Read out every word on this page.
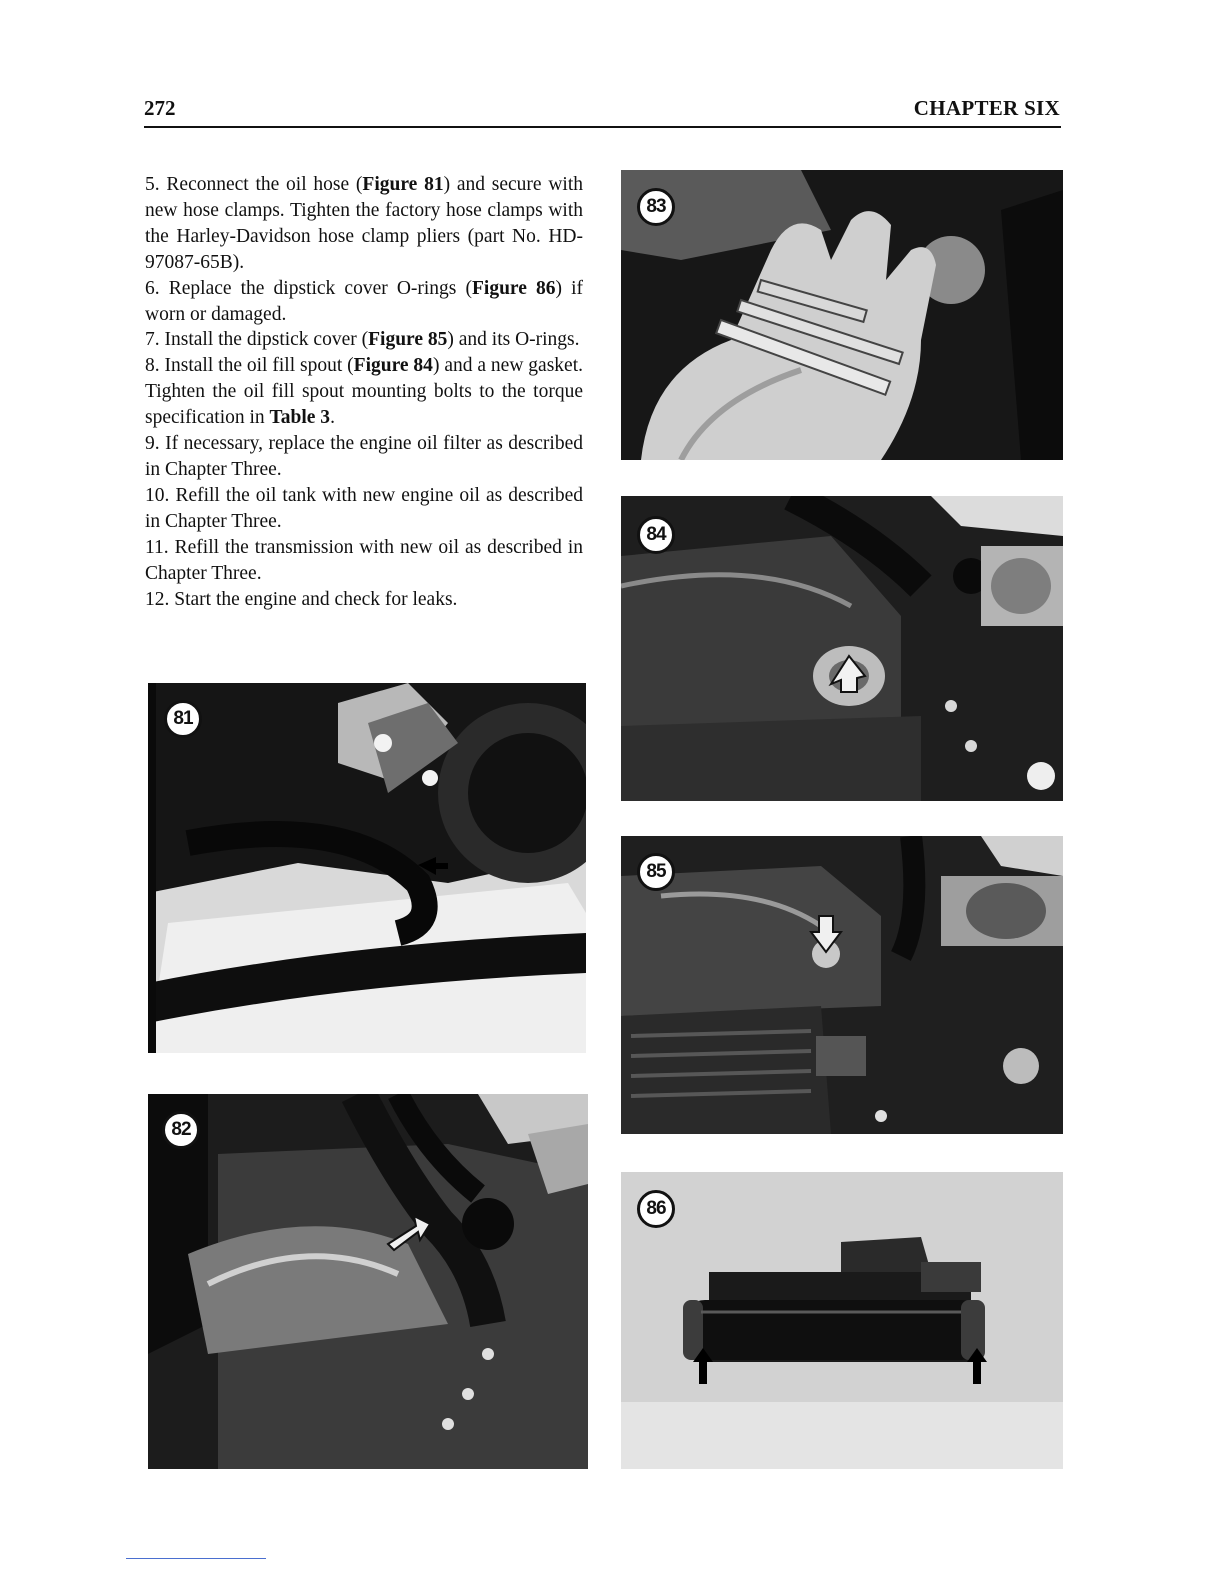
272	CHAPTER SIX

5. Reconnect the oil hose (Figure 81) and secure with new hose clamps. Tighten the factory hose clamps with the Harley-Davidson hose clamp pliers (part No. HD-97087-65B).

6. Replace the dipstick cover O-rings (Figure 86) if worn or damaged.

7. Install the dipstick cover (Figure 85) and its O-rings.

8. Install the oil fill spout (Figure 84) and a new gasket. Tighten the oil fill spout mounting bolts to the torque specification in Table 3.

9. If necessary, replace the engine oil filter as described in Chapter Three.

10. Refill the oil tank with new engine oil as described in Chapter Three.

11. Refill the transmission with new oil as described in Chapter Three.

12. Start the engine and check for leaks.

81
82
83
84
85
86
